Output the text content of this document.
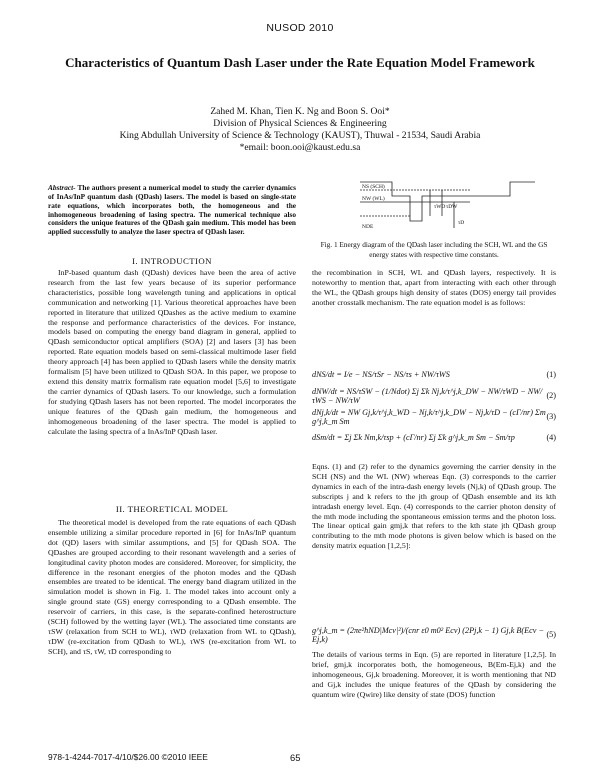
NUSOD 2010
Characteristics of Quantum Dash Laser under the Rate Equation Model Framework
Zahed M. Khan, Tien K. Ng and Boon S. Ooi*
Division of Physical Sciences & Engineering
King Abdullah University of Science & Technology (KAUST), Thuwal - 21534, Saudi Arabia
*email: boon.ooi@kaust.edu.sa
Abstract- The authors present a numerical model to study the carrier dynamics of InAs/InP quantum dash (QDash) lasers. The model is based on single-state rate equations, which incorporates both, the homogeneous and the inhomogeneous broadening of lasing spectra. The numerical technique also considers the unique features of the QDash gain medium. This model has been applied successfully to analyze the laser spectra of QDash laser.
I. INTRODUCTION

InP-based quantum dash (QDash) devices have been the area of active research from the last few years because of its superior performance characteristics, possible long wavelength tuning and applications in optical communication and networking [1]. Various theoretical approaches have been reported in literature that utilized QDashes as the active medium to examine the response and performance characteristics of the devices. For instance, models based on computing the energy band diagram in general, applied to QDash semiconductor optical amplifiers (SOA) [2] and lasers [3] has been reported. Rate equation models based on semi-classical multimode laser field theory approach [4] has been applied to QDash lasers while the density matrix formalism [5] have been utilized to QDash SOA. In this paper, we propose to extend this density matrix formalism rate equation model [5,6] to investigate the carrier dynamics of QDash lasers. To our knowledge, such a formulation for studying QDash lasers has not been reported. The model incorporates the unique features of the QDash gain medium, the homogeneous and inhomogeneous broadening of the laser spectra. The model is applied to calculate the lasing spectra of a InAs/InP QDash laser.

II. THEORETICAL MODEL

The theoretical model is developed from the rate equations of each QDash ensemble utilizing a similar procedure reported in [6] for InAs/InP quantum dot (QD) lasers with similar assumptions, and [5] for QDash SOA. The QDashes are grouped according to their resonant wavelength and a series of longitudinal cavity photon modes are considered. Moreover, for simplicity, the difference in the resonant energies of the photon modes and the QDash ensembles are treated to be identical. The energy band diagram utilized in the simulation model is shown in Fig. 1. The model takes into account only a single ground state (GS) energy corresponding to a QDash ensemble. The reservoir of carriers, in this case, is the separate-confined heterostructure (SCH) followed by the wetting layer (WL). The associated time constants are τSW (relaxation from SCH to WL), τWD (relaxation from WL to QDash), τDW (re-excitation from QDash to WL), τWS (re-excitation from WL to SCH), and τS, τW, τD corresponding to

NS (SCH)
NW (WL)
τWD τDW
NDE
τD
Fig. 1 Energy diagram of the QDash laser including the SCH, WL and the GS energy states with respective time constants.

the recombination in SCH, WL and QDash layers, respectively. It is noteworthy to mention that, apart from interacting with each other through the WL, the QDash groups high density of states (DOS) energy tail provides another crosstalk mechanism. The rate equation model is as follows:

dNS/dt = I/e − NS/τSr − NS/τs + NW/τWS	(1)
dNW/dt = NS/τSW − (1/Ndot) Σj Σk Nj,k/τ^j,k_DW − NW/τWD − NW/τWS − NW/τW	(2)
dNj,k/dt = NW Gj,k/τ^j,k_WD − Nj,k/τ^j,k_DW − Nj,k/τD − (cΓ/nr) Σm g^j,k_m Sm	(3)
dSm/dt = Σj Σk Nm,k/τsp + (cΓ/nr) Σj Σk g^j,k_m Sm − Sm/τp	(4)

Eqns. (1) and (2) refer to the dynamics governing the carrier density in the SCH (NS) and the WL (NW) whereas Eqn. (3) corresponds to the carrier dynamics in each of the intra-dash energy levels (Nj,k) of QDash group. The subscripts j and k refers to the jth group of QDash ensemble and its kth intradash energy level. Eqn. (4) corresponds to the carrier photon density of the mth mode including the spontaneous emission terms and the photon loss. The linear optical gain gmj,k that refers to the kth state jth QDash group contributing to the mth mode photons is given below which is based on the density matrix equation [1,2,5]:

g^j,k_m = (2πe²ħND|Mcv|²)/(cnr ε0 m0² Ecv) (2Pj,k − 1) Gj,k B(Ecv − Ej,k)	(5)

The details of various terms in Eqn. (5) are reported in literature [1,2,5]. In brief, gmj,k incorporates both, the homogeneous, B(Em-Ej,k) and the inhomogeneous, Gj,k broadening. Moreover, it is worth mentioning that ND and Gj,k includes the unique features of the QDash by considering the quantum wire (Qwire) like density of state (DOS) function

978-1-4244-7017-4/10/$26.00 ©2010 IEEE	65
